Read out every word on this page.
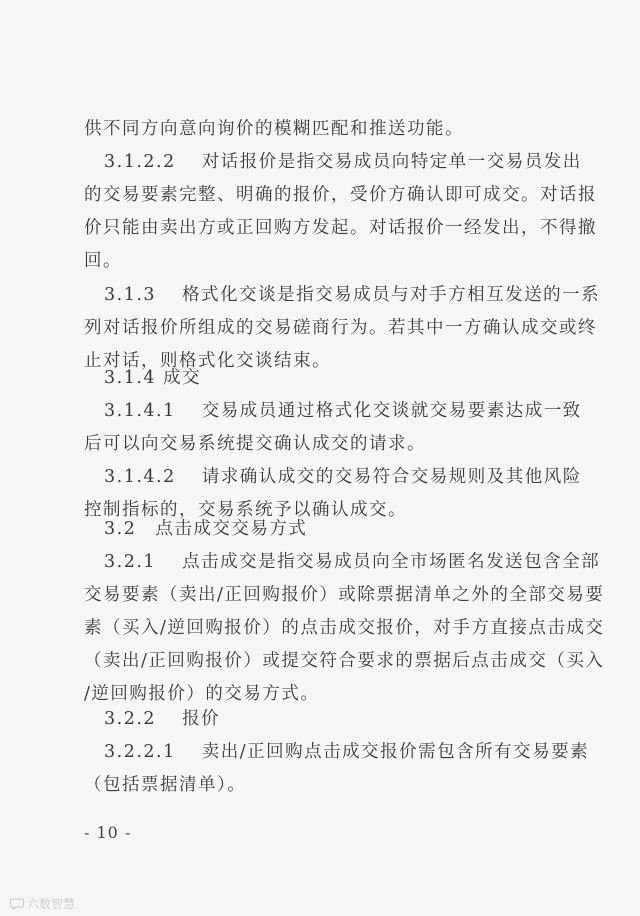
供不同方向意向询价的模糊匹配和推送功能。
3.1.2.2　 对话报价是指交易成员向特定单一交易员发出
的交易要素完整、明确的报价，受价方确认即可成交。对话报
价只能由卖出方或正回购方发起。对话报价一经发出，不得撤
回。
3.1.3　 格式化交谈是指交易成员与对手方相互发送的一系
列对话报价所组成的交易磋商行为。若其中一方确认成交或终
止对话，则格式化交谈结束。
3.1.4 成交
3.1.4.1　 交易成员通过格式化交谈就交易要素达成一致
后可以向交易系统提交确认成交的请求。
3.1.4.2　 请求确认成交的交易符合交易规则及其他风险
控制指标的，交易系统予以确认成交。
3.2　点击成交交易方式
3.2.1　 点击成交是指交易成员向全市场匿名发送包含全部
交易要素（卖出/正回购报价）或除票据清单之外的全部交易要
素（买入/逆回购报价）的点击成交报价，对手方直接点击成交
（卖出/正回购报价）或提交符合要求的票据后点击成交（买入
/逆回购报价）的交易方式。
3.2.2　 报价
3.2.2.1　 卖出/正回购点击成交报价需包含所有交易要素
（包括票据清单）。
- 10 -
六数智慧
